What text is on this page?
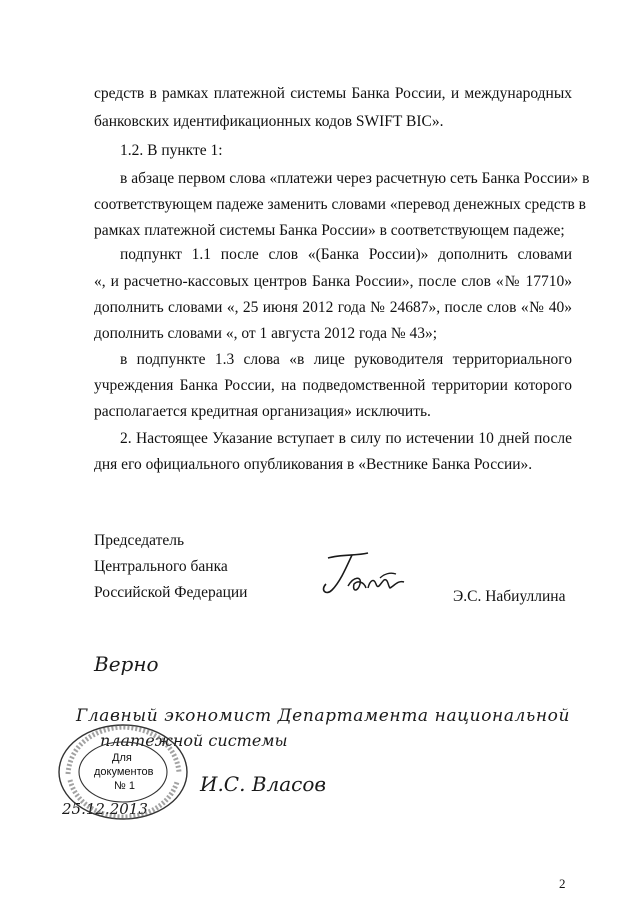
средств в рамках платежной системы Банка России, и международных
банковских идентификационных кодов SWIFT BIC».
1.2. В пункте 1:
в абзаце первом слова «платежи через расчетную сеть Банка России» в
соответствующем падеже заменить словами «перевод денежных средств в
рамках платежной системы Банка России» в соответствующем падеже;
подпункт 1.1 после слов «(Банка России)» дополнить словами
«, и расчетно-кассовых центров Банка России», после слов «№ 17710»
дополнить словами «, 25 июня 2012 года № 24687», после слов «№ 40»
дополнить словами «, от 1 августа 2012 года № 43»;
в подпункте 1.3 слова «в лице руководителя территориального
учреждения Банка России, на подведомственной территории которого
располагается кредитная организация» исключить.
2. Настоящее Указание вступает в силу по истечении 10 дней после
дня его официального опубликования в «Вестнике Банка России».
Председатель
Центрального банка
Российской Федерации	Э.С. Набиуллина
Верно
Главный экономист Департамента национальной
платежной системы
И.С. Власов
25.12.2013
Для
документов
№ 1
2
